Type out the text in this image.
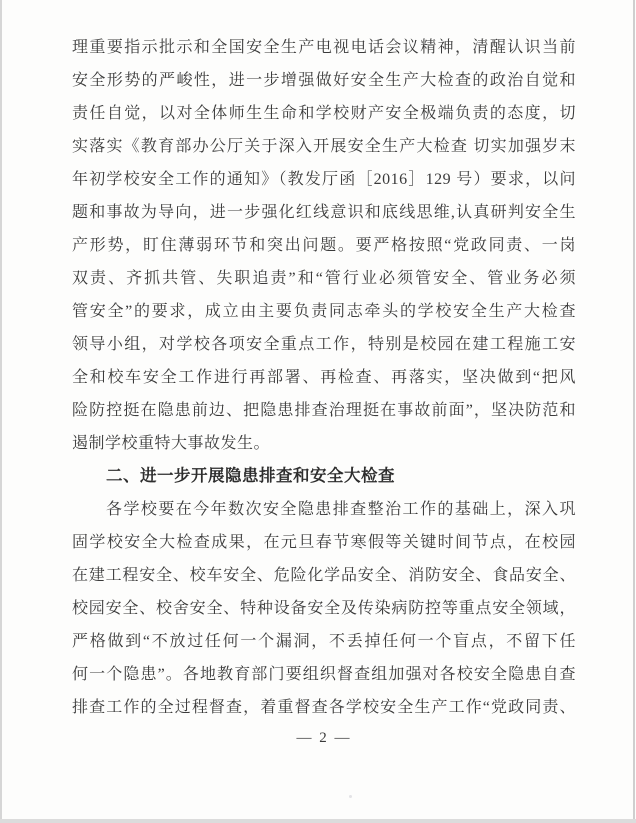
理重要指示批示和全国安全生产电视电话会议精神，清醒认识当前
安全形势的严峻性，进一步增强做好安全生产大检查的政治自觉和
责任自觉，以对全体师生生命和学校财产安全极端负责的态度，切
实落实《教育部办公厅关于深入开展安全生产大检查 切实加强岁末
年初学校安全工作的通知》（教发厅函［2016］129 号）要求，以问
题和事故为导向，进一步强化红线意识和底线思维,认真研判安全生
产形势，盯住薄弱环节和突出问题。要严格按照“党政同责、一岗
双责、齐抓共管、失职追责”和“管行业必须管安全、管业务必须
管安全”的要求，成立由主要负责同志牵头的学校安全生产大检查
领导小组，对学校各项安全重点工作，特别是校园在建工程施工安
全和校车安全工作进行再部署、再检查、再落实，坚决做到“把风
险防控挺在隐患前边、把隐患排查治理挺在事故前面”，坚决防范和
遏制学校重特大事故发生。
二、进一步开展隐患排查和安全大检查
各学校要在今年数次安全隐患排查整治工作的基础上，深入巩
固学校安全大检查成果，在元旦春节寒假等关键时间节点，在校园
在建工程安全、校车安全、危险化学品安全、消防安全、食品安全、
校园安全、校舍安全、特种设备安全及传染病防控等重点安全领域，
严格做到“不放过任何一个漏洞，不丢掉任何一个盲点，不留下任
何一个隐患”。各地教育部门要组织督查组加强对各校安全隐患自查
排查工作的全过程督查，着重督查各学校安全生产工作“党政同责、
— 2 —
